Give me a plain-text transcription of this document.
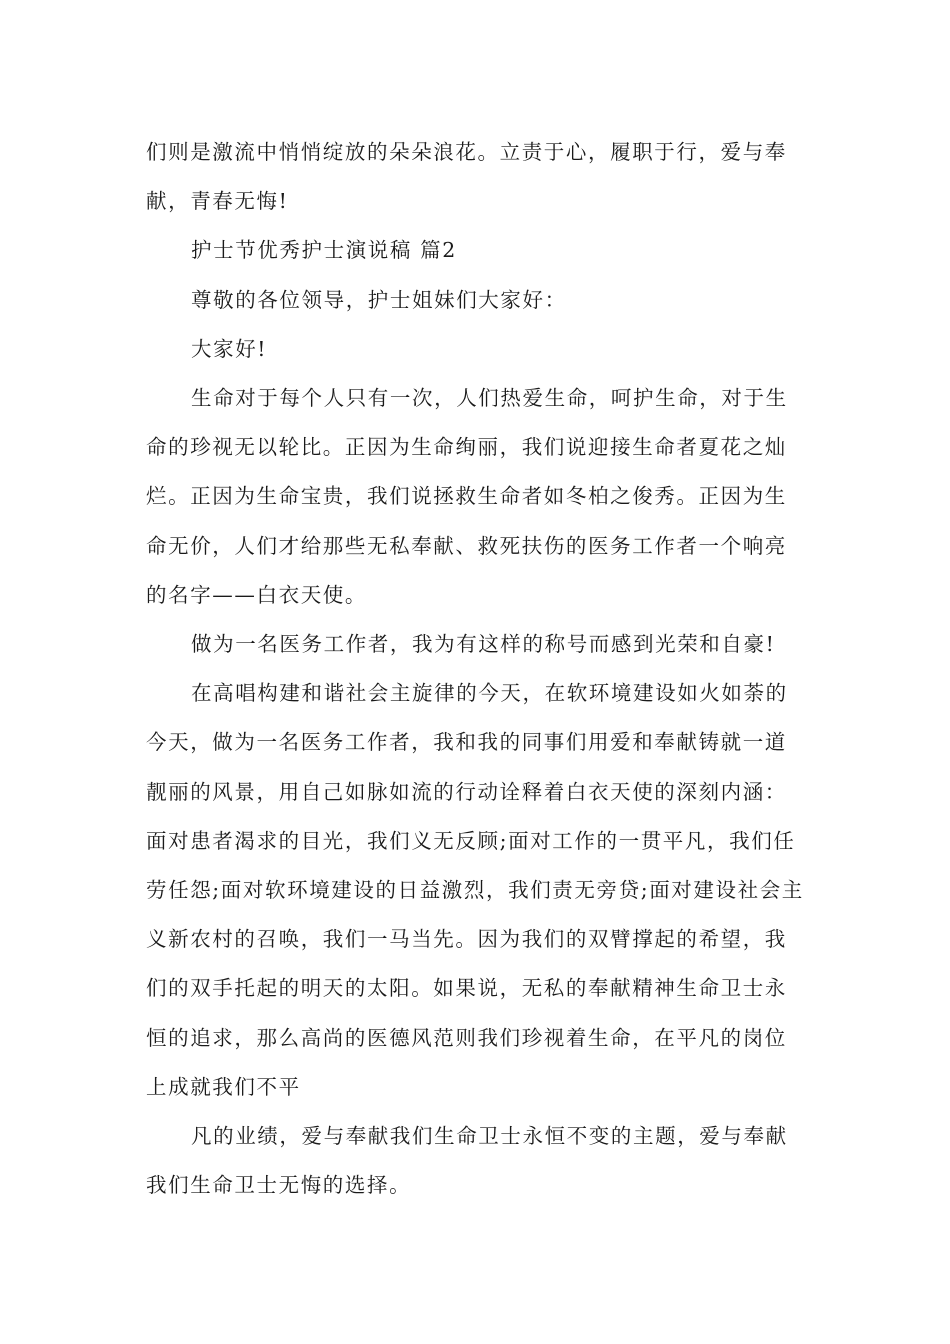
们则是激流中悄悄绽放的朵朵浪花。立责于心，履职于行，爱与奉献，青春无悔!

护士节优秀护士演说稿 篇2

尊敬的各位领导，护士姐妹们大家好：

大家好!

生命对于每个人只有一次，人们热爱生命，呵护生命，对于生命的珍视无以轮比。正因为生命绚丽，我们说迎接生命者夏花之灿烂。正因为生命宝贵，我们说拯救生命者如冬柏之俊秀。正因为生命无价，人们才给那些无私奉献、救死扶伤的医务工作者一个响亮的名字——白衣天使。

做为一名医务工作者，我为有这样的称号而感到光荣和自豪!

在高唱构建和谐社会主旋律的今天，在软环境建设如火如荼的今天，做为一名医务工作者，我和我的同事们用爱和奉献铸就一道靓丽的风景，用自己如脉如流的行动诠释着白衣天使的深刻内涵：面对患者渴求的目光，我们义无反顾;面对工作的一贯平凡，我们任劳任怨;面对软环境建设的日益激烈，我们责无旁贷;面对建设社会主义新农村的召唤，我们一马当先。因为我们的双臂撑起的希望，我们的双手托起的明天的太阳。如果说，无私的奉献精神生命卫士永恒的追求，那么高尚的医德风范则我们珍视着生命，在平凡的岗位上成就我们不平

凡的业绩，爱与奉献我们生命卫士永恒不变的主题，爱与奉献我们生命卫士无悔的选择。
